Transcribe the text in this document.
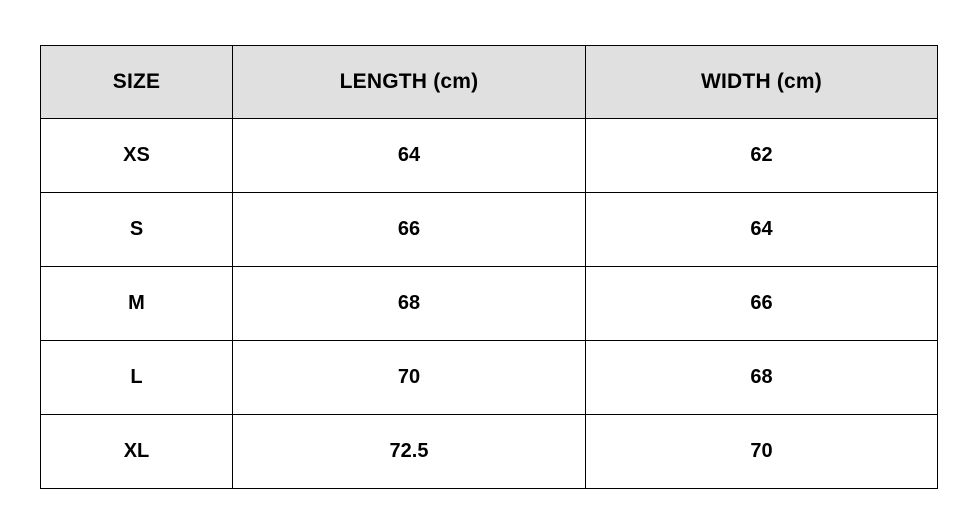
SIZE	LENGTH (cm)	WIDTH (cm)
XS	64	62
S	66	64
M	68	66
L	70	68
XL	72.5	70
